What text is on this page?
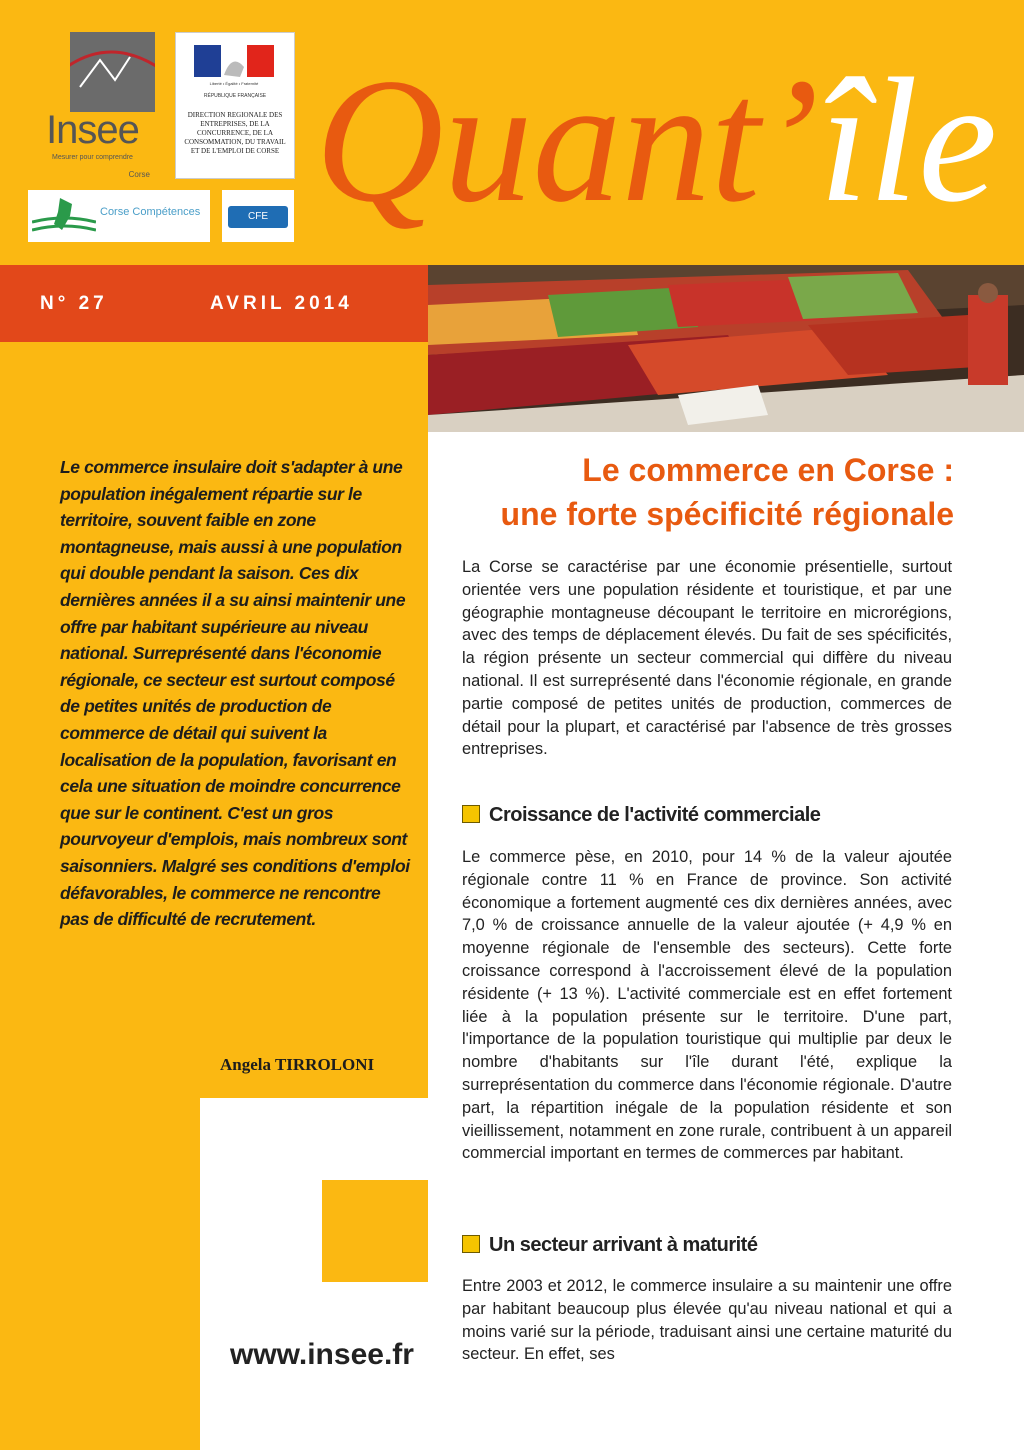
Insee
Mesurer pour comprendre
Corse
Liberté • Égalité • Fraternité
RÉPUBLIQUE FRANÇAISE
DIRECTION REGIONALE DES ENTREPRISES, DE LA CONCURRENCE, DE LA CONSOMMATION, DU TRAVAIL ET DE L'EMPLOI DE CORSE
Corse Compétences	CFE Quant’île
N° 27	AVRIL 2014
Le commerce insulaire doit s'adapter à une population inégalement répartie sur le territoire, souvent faible en zone montagneuse, mais aussi à une population qui double pendant la saison. Ces dix dernières années il a su ainsi maintenir une offre par habitant supérieure au niveau national. Surreprésenté dans l'économie régionale, ce secteur est surtout composé de petites unités de production de commerce de détail qui suivent la localisation de la population, favorisant en cela une situation de moindre concurrence que sur le continent. C'est un gros pourvoyeur d'emplois, mais nombreux sont saisonniers. Malgré ses conditions d'emploi défavorables, le commerce ne rencontre pas de difficulté de recrutement.
Angela TIRROLONI
www.insee.fr
Le commerce en Corse :
une forte spécificité régionale
La Corse se caractérise par une économie présentielle, surtout orientée vers une population résidente et touristique, et par une géographie montagneuse découpant le territoire en microrégions, avec des temps de déplacement élevés. Du fait de ses spécificités, la région présente un secteur commercial qui diffère du niveau national. Il est surreprésenté dans l'économie régionale, en grande partie composé de petites unités de production, commerces de détail pour la plupart, et caractérisé par l'absence de très grosses entreprises.
Croissance de l'activité commerciale
Le commerce pèse, en 2010, pour 14 % de la valeur ajoutée régionale contre 11 % en France de province. Son activité économique a fortement augmenté ces dix dernières années, avec 7,0 % de croissance annuelle de la valeur ajoutée (+ 4,9 % en moyenne régionale de l'ensemble des secteurs). Cette forte croissance correspond à l'accroissement élevé de la population résidente (+ 13 %). L'activité commerciale est en effet fortement liée à la population présente sur le territoire. D'une part, l'importance de la population touristique qui multiplie par deux le nombre d'habitants sur l'île durant l'été, explique la surreprésentation du commerce dans l'économie régionale. D'autre part, la répartition inégale de la population résidente et son vieillissement, notamment en zone rurale, contribuent à un appareil commercial important en termes de commerces par habitant.
Un secteur arrivant à maturité
Entre 2003 et 2012, le commerce insulaire a su maintenir une offre par habitant beaucoup plus élevée qu'au niveau national et qui a moins varié sur la période, traduisant ainsi une certaine maturité du secteur. En effet, ses
